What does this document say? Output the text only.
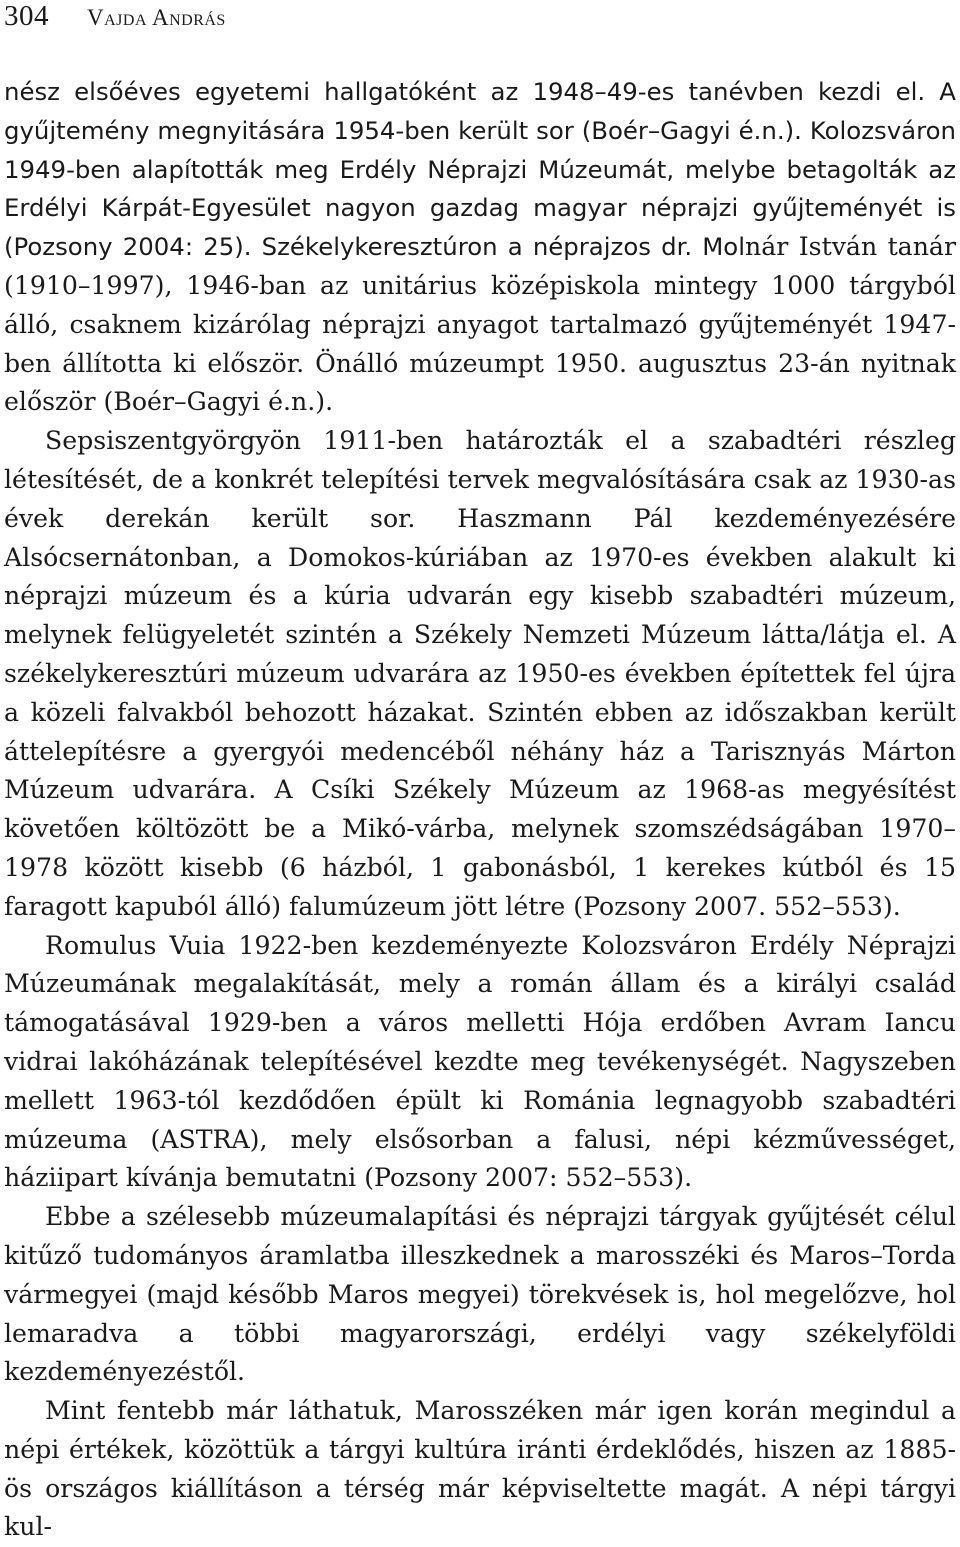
304 Vajda András

nész elsőéves egyetemi hallgatóként az 1948–49-es tanévben kezdi el. A gyűjtemény megnyitására 1954-ben került sor (Boér–Gagyi é.n.). Kolozsváron 1949-ben alapították meg Erdély Néprajzi Múzeumát, melybe betagolták az Erdélyi Kárpát-Egyesület nagyon gazdag magyar néprajzi gyűjteményét is (Pozsony 2004: 25). Székelykeresztúron a néprajzos dr. Molnár István tanár (1910–1997), 1946-ban az unitárius középiskola mintegy 1000 tárgyból álló, csaknem kizárólag néprajzi anyagot tartalmazó gyűjteményét 1947-ben állította ki először. Önálló múzeumpt 1950. augusztus 23-án nyitnak először (Boér–Gagyi é.n.).

Sepsiszentgyörgyön 1911-ben határozták el a szabadtéri részleg létesítését, de a konkrét telepítési tervek megvalósítására csak az 1930-as évek derekán került sor. Haszmann Pál kezdeményezésére Alsócsernátonban, a Domokos-kúriában az 1970-es években alakult ki néprajzi múzeum és a kúria udvarán egy kisebb szabadtéri múzeum, melynek felügyeletét szintén a Székely Nemzeti Múzeum látta/látja el. A székelykeresztúri múzeum udvarára az 1950-es években építettek fel újra a közeli falvakból behozott házakat. Szintén ebben az időszakban került áttelepítésre a gyergyói medencéből néhány ház a Tarisznyás Márton Múzeum udvarára. A Csíki Székely Múzeum az 1968-as megyésítést követően költözött be a Mikó-várba, melynek szomszédságában 1970–1978 között kisebb (6 házból, 1 gabonásból, 1 kerekes kútból és 15 faragott kapuból álló) falumúzeum jött létre (Pozsony 2007. 552–553).

Romulus Vuia 1922-ben kezdeményezte Kolozsváron Erdély Néprajzi Múzeumának megalakítását, mely a román állam és a királyi család támogatásával 1929-ben a város melletti Hója erdőben Avram Iancu vidrai lakóházának telepítésével kezdte meg tevékenységét. Nagyszeben mellett 1963-tól kezdődően épült ki Románia legnagyobb szabadtéri múzeuma (ASTRA), mely elsősorban a falusi, népi kézművességet, háziipart kívánja bemutatni (Pozsony 2007: 552–553).

Ebbe a szélesebb múzeumalapítási és néprajzi tárgyak gyűjtését célul kitűző tudományos áramlatba illeszkednek a marosszéki és Maros–Torda vármegyei (majd később Maros megyei) törekvések is, hol megelőzve, hol lemaradva a többi magyarországi, erdélyi vagy székelyföldi kezdeményezéstől.

Mint fentebb már láthatuk, Marosszéken már igen korán megindul a népi értékek, közöttük a tárgyi kultúra iránti érdeklődés, hiszen az 1885-ös országos kiállításon a térség már képviseltette magát. A népi tárgyi kul-
